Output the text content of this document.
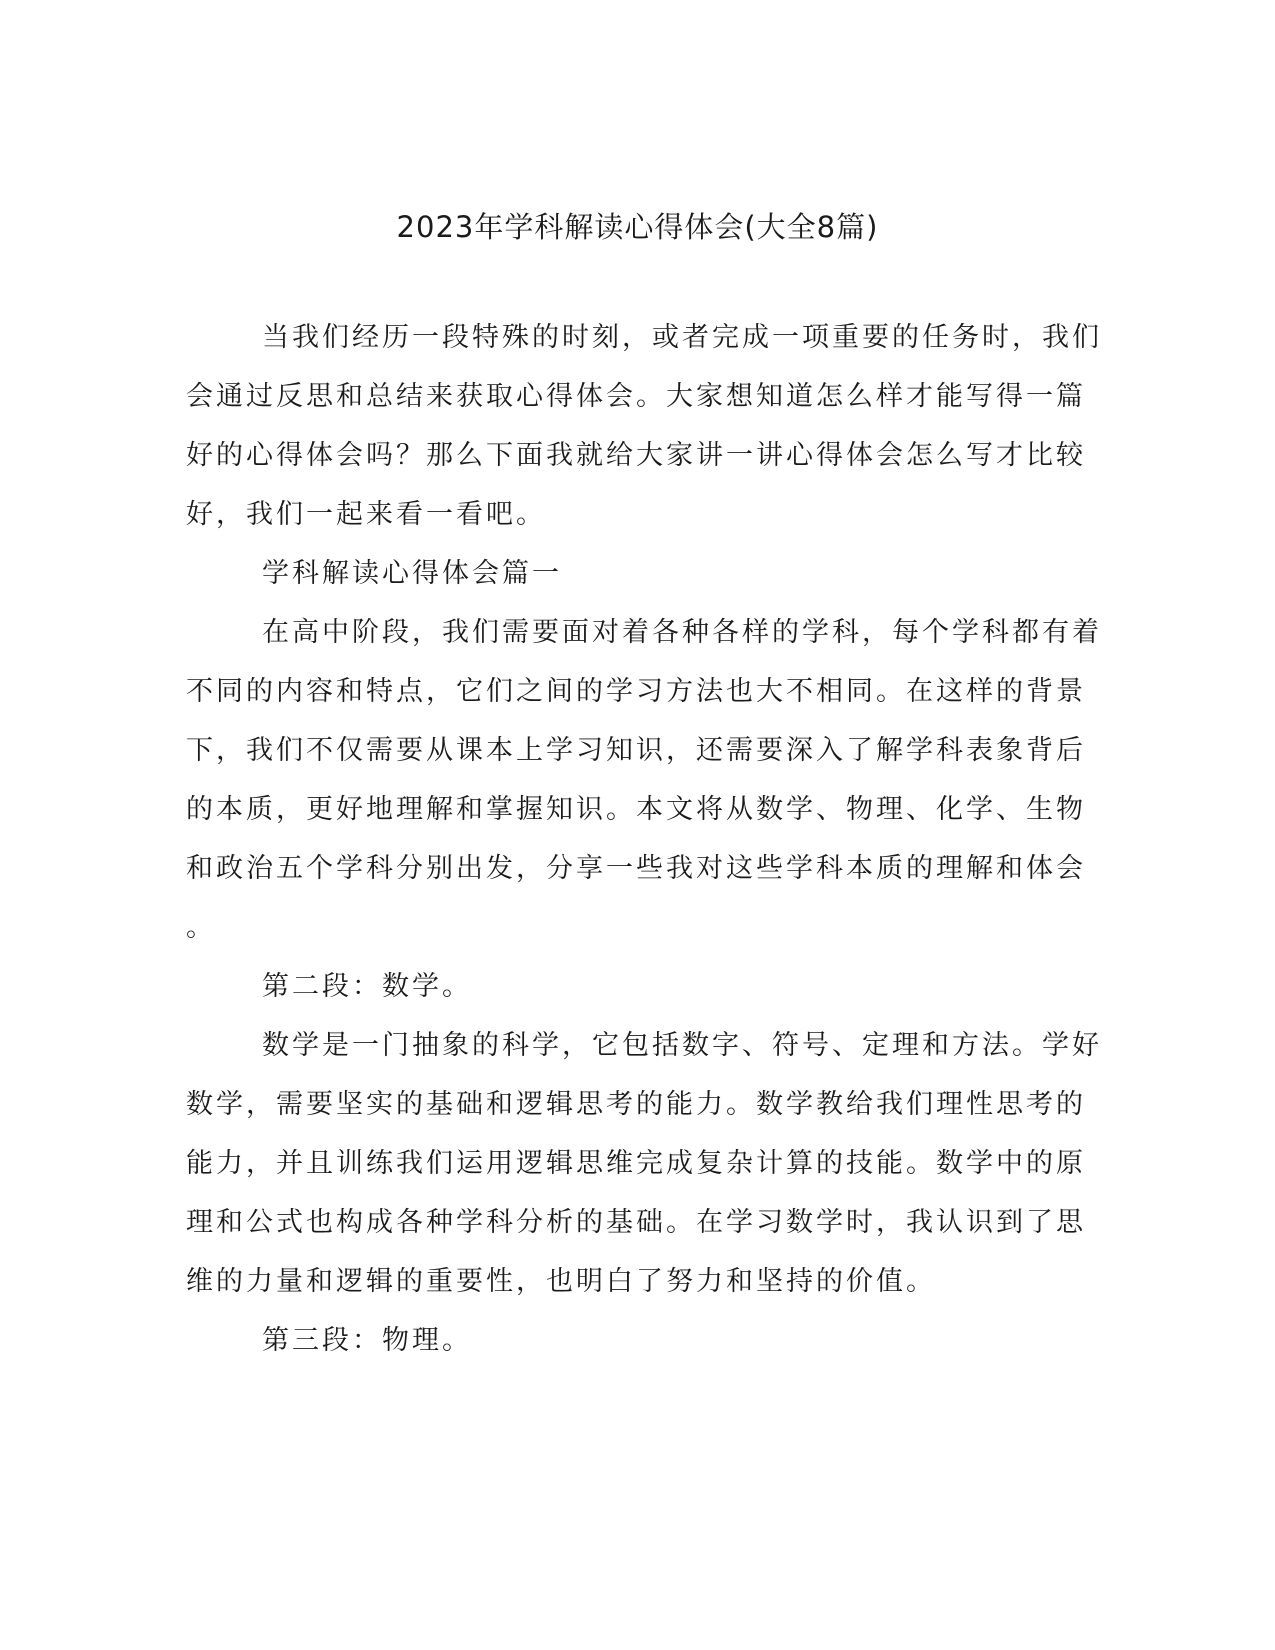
2023年学科解读心得体会(大全8篇)
当我们经历一段特殊的时刻，或者完成一项重要的任务时，我们
会通过反思和总结来获取心得体会。大家想知道怎么样才能写得一篇
好的心得体会吗？那么下面我就给大家讲一讲心得体会怎么写才比较
好，我们一起来看一看吧。
学科解读心得体会篇一
在高中阶段，我们需要面对着各种各样的学科，每个学科都有着
不同的内容和特点，它们之间的学习方法也大不相同。在这样的背景
下，我们不仅需要从课本上学习知识，还需要深入了解学科表象背后
的本质，更好地理解和掌握知识。本文将从数学、物理、化学、生物
和政治五个学科分别出发，分享一些我对这些学科本质的理解和体会
。
第二段：数学。
数学是一门抽象的科学，它包括数字、符号、定理和方法。学好
数学，需要坚实的基础和逻辑思考的能力。数学教给我们理性思考的
能力，并且训练我们运用逻辑思维完成复杂计算的技能。数学中的原
理和公式也构成各种学科分析的基础。在学习数学时，我认识到了思
维的力量和逻辑的重要性，也明白了努力和坚持的价值。
第三段：物理。
